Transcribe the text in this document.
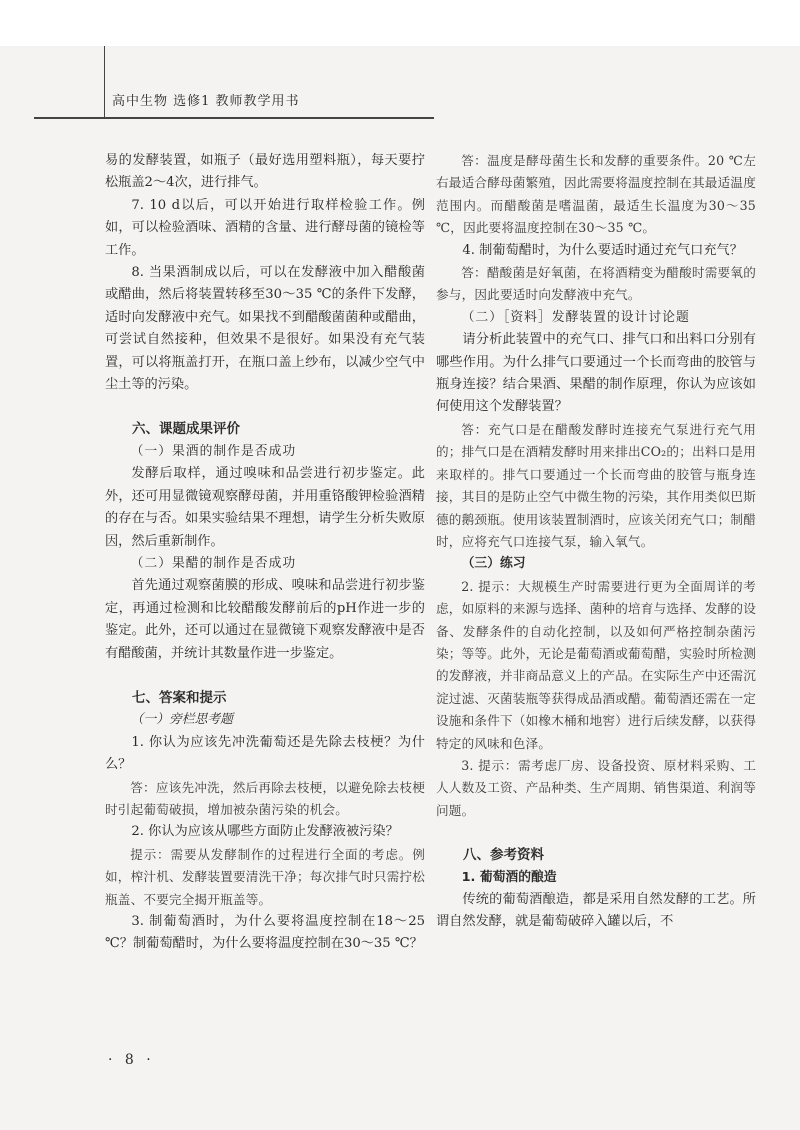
高中生物 选修1 教师教学用书

易的发酵装置，如瓶子（最好选用塑料瓶），每天要拧松瓶盖2～4次，进行排气。

7. 10 d以后，可以开始进行取样检验工作。例如，可以检验酒味、酒精的含量、进行酵母菌的镜检等工作。

8. 当果酒制成以后，可以在发酵液中加入醋酸菌或醋曲，然后将装置转移至30～35 ℃的条件下发酵，适时向发酵液中充气。如果找不到醋酸菌菌种或醋曲，可尝试自然接种，但效果不是很好。如果没有充气装置，可以将瓶盖打开，在瓶口盖上纱布，以减少空气中尘土等的污染。

六、课题成果评价

（一）果酒的制作是否成功

发酵后取样，通过嗅味和品尝进行初步鉴定。此外，还可用显微镜观察酵母菌，并用重铬酸钾检验酒精的存在与否。如果实验结果不理想，请学生分析失败原因，然后重新制作。

（二）果醋的制作是否成功

首先通过观察菌膜的形成、嗅味和品尝进行初步鉴定，再通过检测和比较醋酸发酵前后的pH作进一步的鉴定。此外，还可以通过在显微镜下观察发酵液中是否有醋酸菌，并统计其数量作进一步鉴定。

七、答案和提示

（一）旁栏思考题

1. 你认为应该先冲洗葡萄还是先除去枝梗？为什么？

答：应该先冲洗，然后再除去枝梗，以避免除去枝梗时引起葡萄破损，增加被杂菌污染的机会。

2. 你认为应该从哪些方面防止发酵液被污染？

提示：需要从发酵制作的过程进行全面的考虑。例如，榨汁机、发酵装置要清洗干净；每次排气时只需拧松瓶盖、不要完全揭开瓶盖等。

3. 制葡萄酒时，为什么要将温度控制在18～25 ℃？制葡萄醋时，为什么要将温度控制在30～35 ℃？

答：温度是酵母菌生长和发酵的重要条件。20 ℃左右最适合酵母菌繁殖，因此需要将温度控制在其最适温度范围内。而醋酸菌是嗜温菌，最适生长温度为30～35 ℃，因此要将温度控制在30～35 ℃。

4. 制葡萄醋时，为什么要适时通过充气口充气？

答：醋酸菌是好氧菌，在将酒精变为醋酸时需要氧的参与，因此要适时向发酵液中充气。

（二）［资料］发酵装置的设计讨论题

请分析此装置中的充气口、排气口和出料口分别有哪些作用。为什么排气口要通过一个长而弯曲的胶管与瓶身连接？结合果酒、果醋的制作原理，你认为应该如何使用这个发酵装置？

答：充气口是在醋酸发酵时连接充气泵进行充气用的；排气口是在酒精发酵时用来排出CO₂的；出料口是用来取样的。排气口要通过一个长而弯曲的胶管与瓶身连接，其目的是防止空气中微生物的污染，其作用类似巴斯德的鹅颈瓶。使用该装置制酒时，应该关闭充气口；制醋时，应将充气口连接气泵，输入氧气。

（三）练习

2. 提示：大规模生产时需要进行更为全面周详的考虑，如原料的来源与选择、菌种的培育与选择、发酵的设备、发酵条件的自动化控制，以及如何严格控制杂菌污染；等等。此外，无论是葡萄酒或葡萄醋，实验时所检测的发酵液，并非商品意义上的产品。在实际生产中还需沉淀过滤、灭菌装瓶等获得成品酒或醋。葡萄酒还需在一定设施和条件下（如橡木桶和地窖）进行后续发酵，以获得特定的风味和色泽。

3. 提示：需考虑厂房、设备投资、原材料采购、工人人数及工资、产品种类、生产周期、销售渠道、利润等问题。

八、参考资料

1. 葡萄酒的酿造

传统的葡萄酒酿造，都是采用自然发酵的工艺。所谓自然发酵，就是葡萄破碎入罐以后，不

· 8 ·
